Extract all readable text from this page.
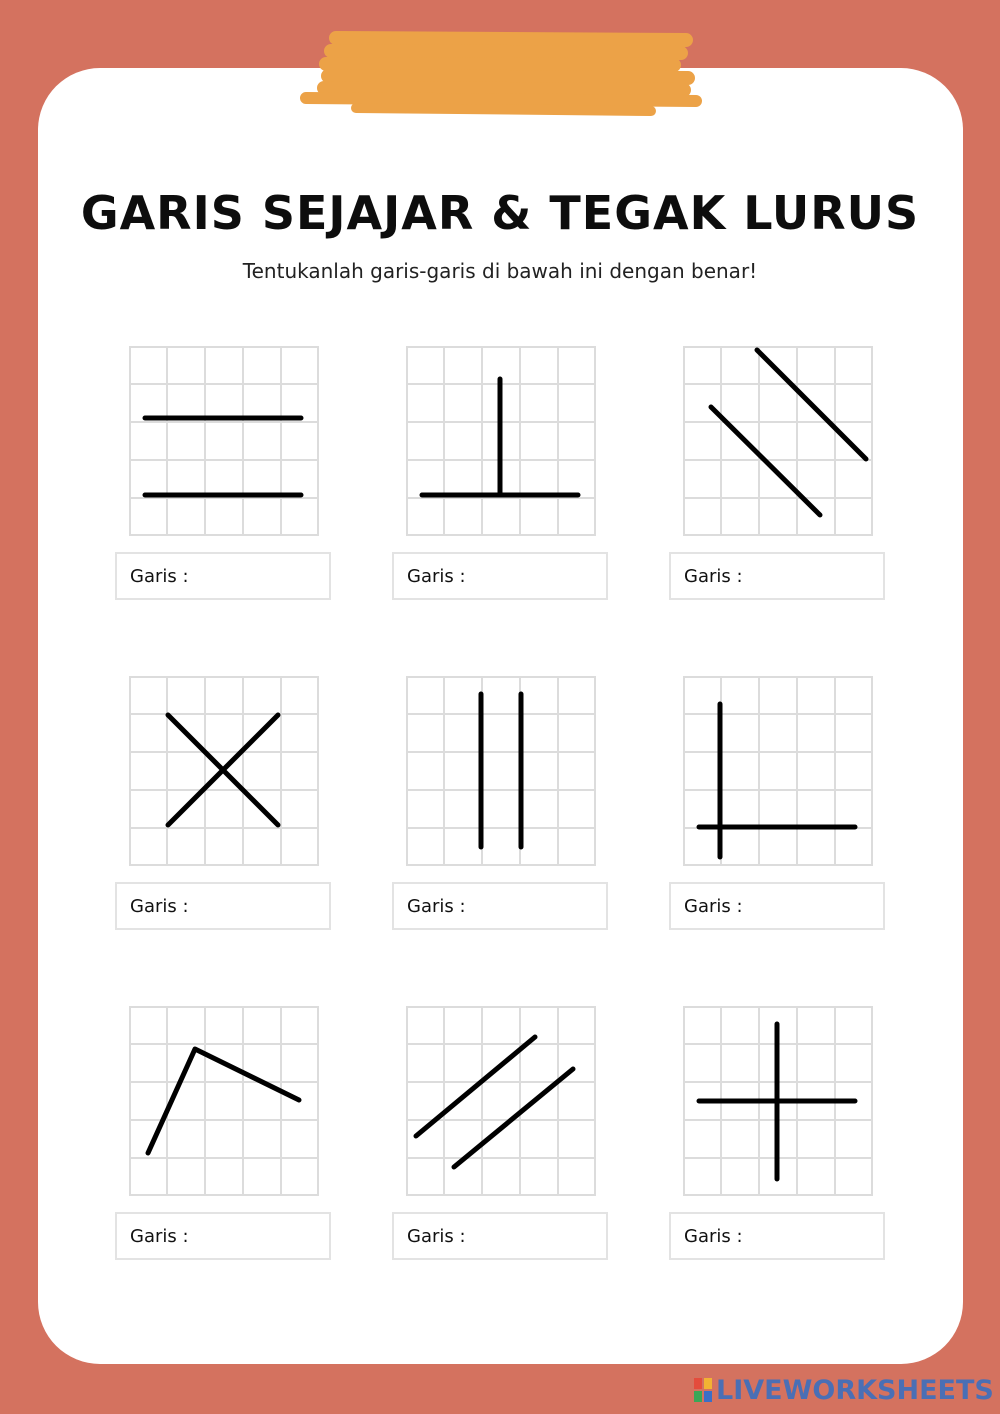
GARIS SEJAJAR & TEGAK LURUS
Tentukanlah garis-garis di bawah ini dengan benar!
Garis :	Garis :	Garis :
Garis :	Garis :	Garis :
Garis :	Garis :	Garis :
LIVEWORKSHEETS
